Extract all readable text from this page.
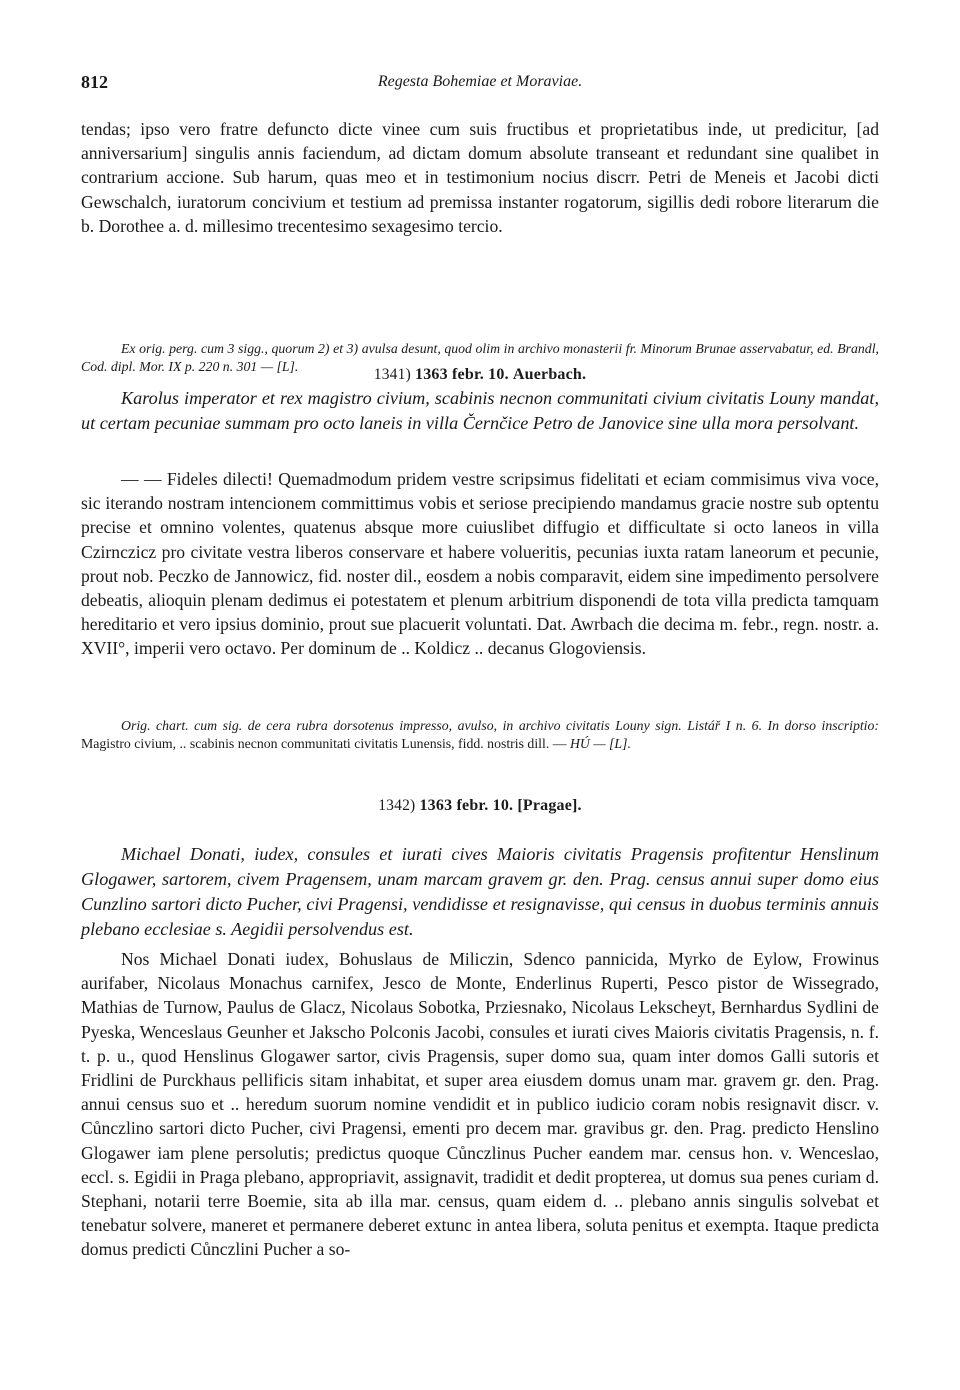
812	Regesta Bohemiae et Moraviae.

tendas; ipso vero fratre defuncto dicte vinee cum suis fructibus et proprietatibus inde, ut predicitur, [ad anniversarium] singulis annis faciendum, ad dictam domum absolute transeant et redundant sine qualibet in contrarium accione. Sub harum, quas meo et in testimonium nocius discrr. Petri de Meneis et Jacobi dicti Gewschalch, iuratorum concivium et testium ad premissa instanter rogatorum, sigillis dedi robore literarum die b. Dorothee a. d. millesimo trecentesimo sexagesimo tercio.

Ex orig. perg. cum 3 sigg., quorum 2) et 3) avulsa desunt, quod olim in archivo monasterii fr. Minorum Brunae asservabatur, ed. Brandl, Cod. dipl. Mor. IX p. 220 n. 301 — [L].	1341) 1363 febr. 10. Auerbach.

Karolus imperator et rex magistro civium, scabinis necnon communitati civium civitatis Louny mandat, ut certam pecuniae summam pro octo laneis in villa Černčice Petro de Janovice sine ulla mora persolvant.

— — Fideles dilecti! Quemadmodum pridem vestre scripsimus fidelitati et eciam commisimus viva voce, sic iterando nostram intencionem committimus vobis et seriose precipiendo mandamus gracie nostre sub optentu precise et omnino volentes, quatenus absque more cuiuslibet diffugio et difficultate si octo laneos in villa Czirnczicz pro civitate vestra liberos conservare et habere volueritis, pecunias iuxta ratam laneorum et pecunie, prout nob. Peczko de Jannowicz, fid. noster dil., eosdem a nobis comparavit, eidem sine impedimento persolvere debeatis, alioquin plenam dedimus ei potestatem et plenum arbitrium disponendi de tota villa predicta tamquam hereditario et vero ipsius dominio, prout sue placuerit voluntati. Dat. Awrbach die decima m. febr., regn. nostr. a. XVII°, imperii vero octavo. Per dominum de .. Koldicz .. decanus Glogoviensis.

Orig. chart. cum sig. de cera rubra dorsotenus impresso, avulso, in archivo civitatis Louny sign. Listář I n. 6. In dorso inscriptio: Magistro civium, .. scabinis necnon communitati civitatis Lunensis, fidd. nostris dill. — HÚ — [L].

1342) 1363 febr. 10. [Pragae].

Michael Donati, iudex, consules et iurati cives Maioris civitatis Pragensis profitentur Henslinum Glogawer, sartorem, civem Pragensem, unam marcam gravem gr. den. Prag. census annui super domo eius Cunzlino sartori dicto Pucher, civi Pragensi, vendidisse et resignavisse, qui census in duobus terminis annuis plebano ecclesiae s. Aegidii persolvendus est.

Nos Michael Donati iudex, Bohuslaus de Miliczin, Sdenco pannicida, Myrko de Eylow, Frowinus aurifaber, Nicolaus Monachus carnifex, Jesco de Monte, Enderlinus Ruperti, Pesco pistor de Wissegrado, Mathias de Turnow, Paulus de Glacz, Nicolaus Sobotka, Prziesnako, Nicolaus Lekscheyt, Bernhardus Sydlini de Pyeska, Wenceslaus Geunher et Jakscho Polconis Jacobi, consules et iurati cives Maioris civitatis Pragensis, n. f. t. p. u., quod Henslinus Glogawer sartor, civis Pragensis, super domo sua, quam inter domos Galli sutoris et Fridlini de Purckhaus pellificis sitam inhabitat, et super area eiusdem domus unam mar. gravem gr. den. Prag. annui census suo et .. heredum suorum nomine vendidit et in publico iudicio coram nobis resignavit discr. v. Cůnczlino sartori dicto Pucher, civi Pragensi, ementi pro decem mar. gravibus gr. den. Prag. predicto Henslino Glogawer iam plene persolutis; predictus quoque Cůnczlinus Pucher eandem mar. census hon. v. Wenceslao, eccl. s. Egidii in Praga plebano, appropriavit, assignavit, tradidit et dedit propterea, ut domus sua penes curiam d. Stephani, notarii terre Boemie, sita ab illa mar. census, quam eidem d. .. plebano annis singulis solvebat et tenebatur solvere, maneret et permanere deberet extunc in antea libera, soluta penitus et exempta. Itaque predicta domus predicti Cůnczlini Pucher a so-
